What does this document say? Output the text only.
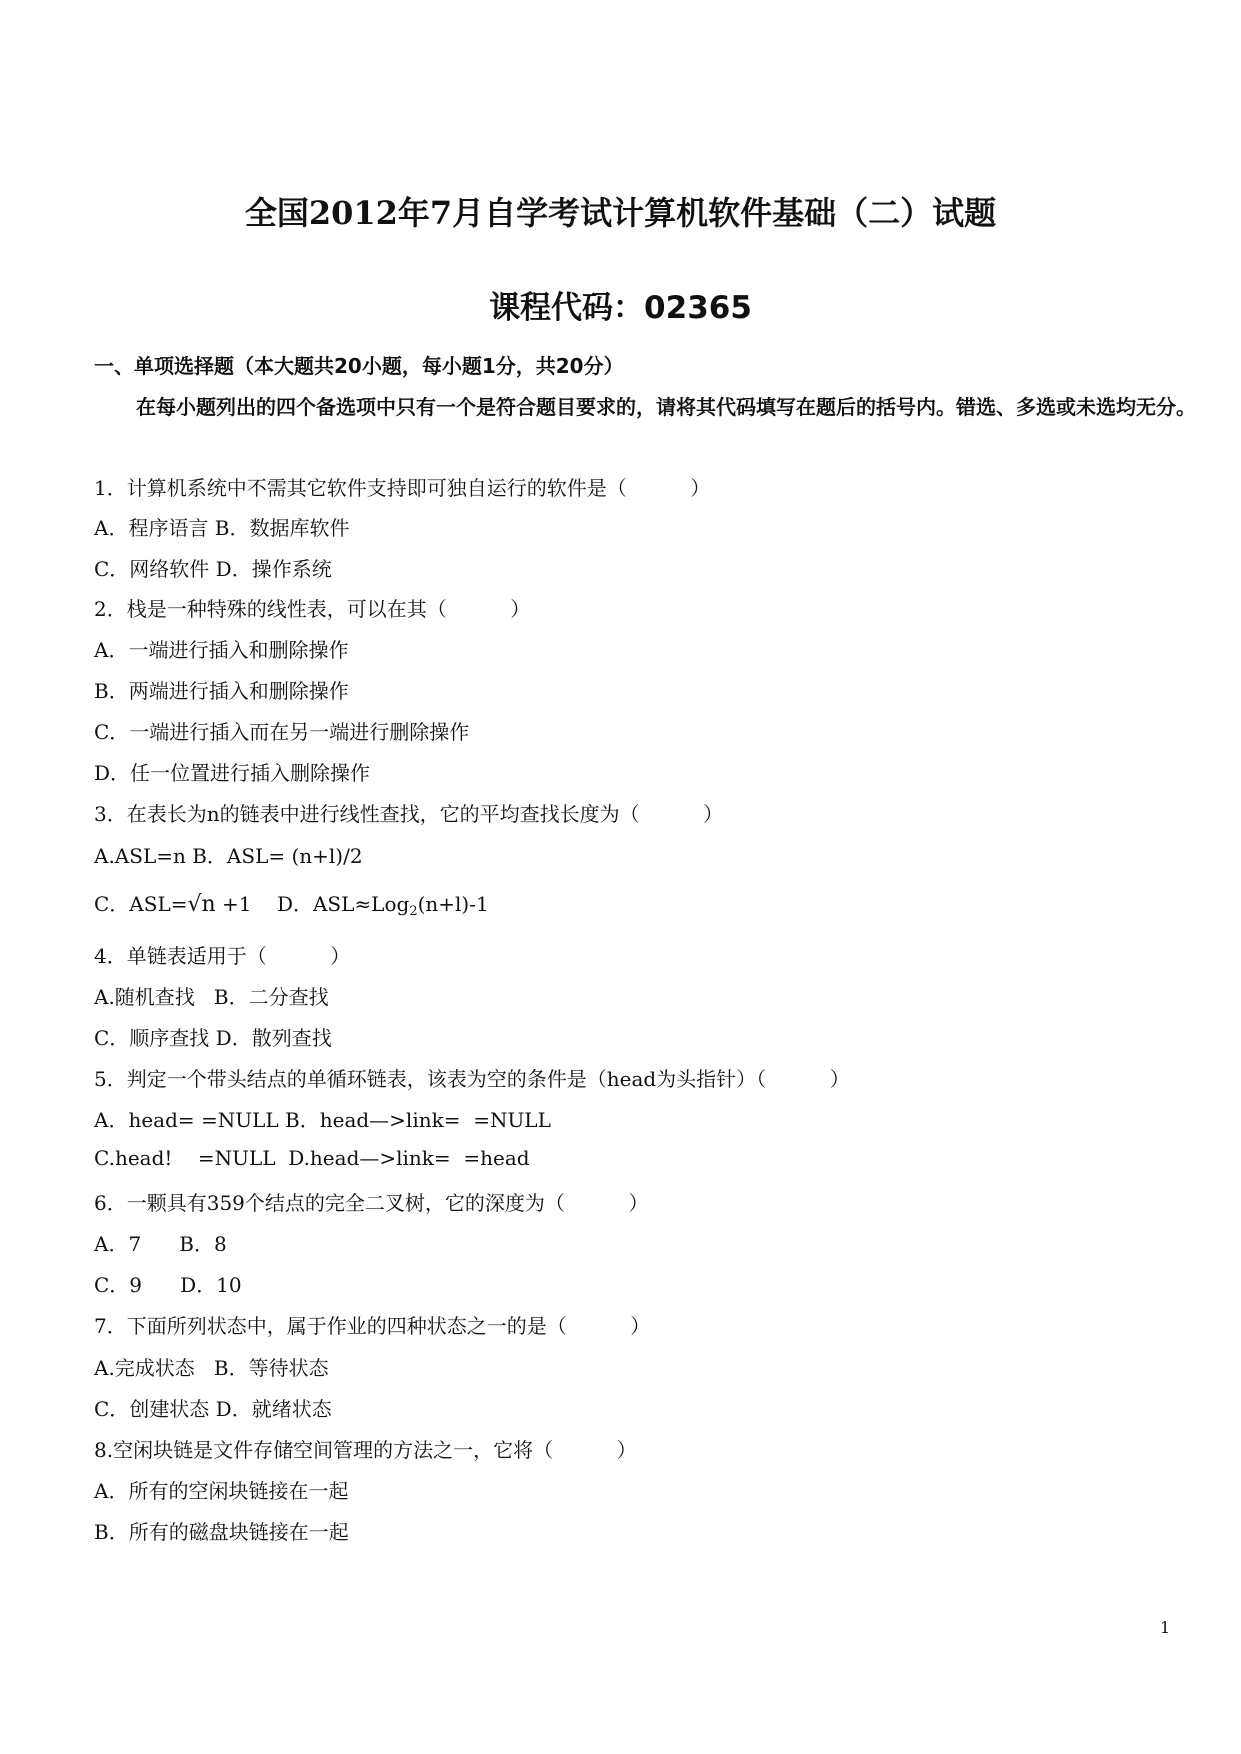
全国2012年7月自学考试计算机软件基础（二）试题
课程代码：02365
一、单项选择题（本大题共20小题，每小题1分，共20分）
在每小题列出的四个备选项中只有一个是符合题目要求的，请将其代码填写在题后的括号内。错选、多选或未选均无分。
1．计算机系统中不需其它软件支持即可独自运行的软件是（          ）
A．程序语言 B．数据库软件
C．网络软件 D．操作系统
2．栈是一种特殊的线性表，可以在其（          ）
A．一端进行插入和删除操作
B．两端进行插入和删除操作
C．一端进行插入而在另一端进行删除操作
D．任一位置进行插入删除操作
3．在表长为n的链表中进行线性查找，它的平均查找长度为（          ）
A.ASL=n B．ASL= (n+l)/2
C．ASL=√n +1    D．ASL≈Log$_2$(n+l)-1
4．单链表适用于（          ）
A.随机查找   B．二分查找
C．顺序查找 D．散列查找
5．判定一个带头结点的单循环链表，该表为空的条件是（head为头指针）（          ）
A．head= =NULL B．head—>link=  =NULL
C.head!    =NULL  D.head—>link=  =head
6．一颗具有359个结点的完全二叉树，它的深度为（          ）
A．7      B．8
C．9      D．10
7．下面所列状态中，属于作业的四种状态之一的是（          ）
A.完成状态   B．等待状态
C．创建状态 D．就绪状态
8.空闲块链是文件存储空间管理的方法之一，它将（          ）
A．所有的空闲块链接在一起
B．所有的磁盘块链接在一起
1
